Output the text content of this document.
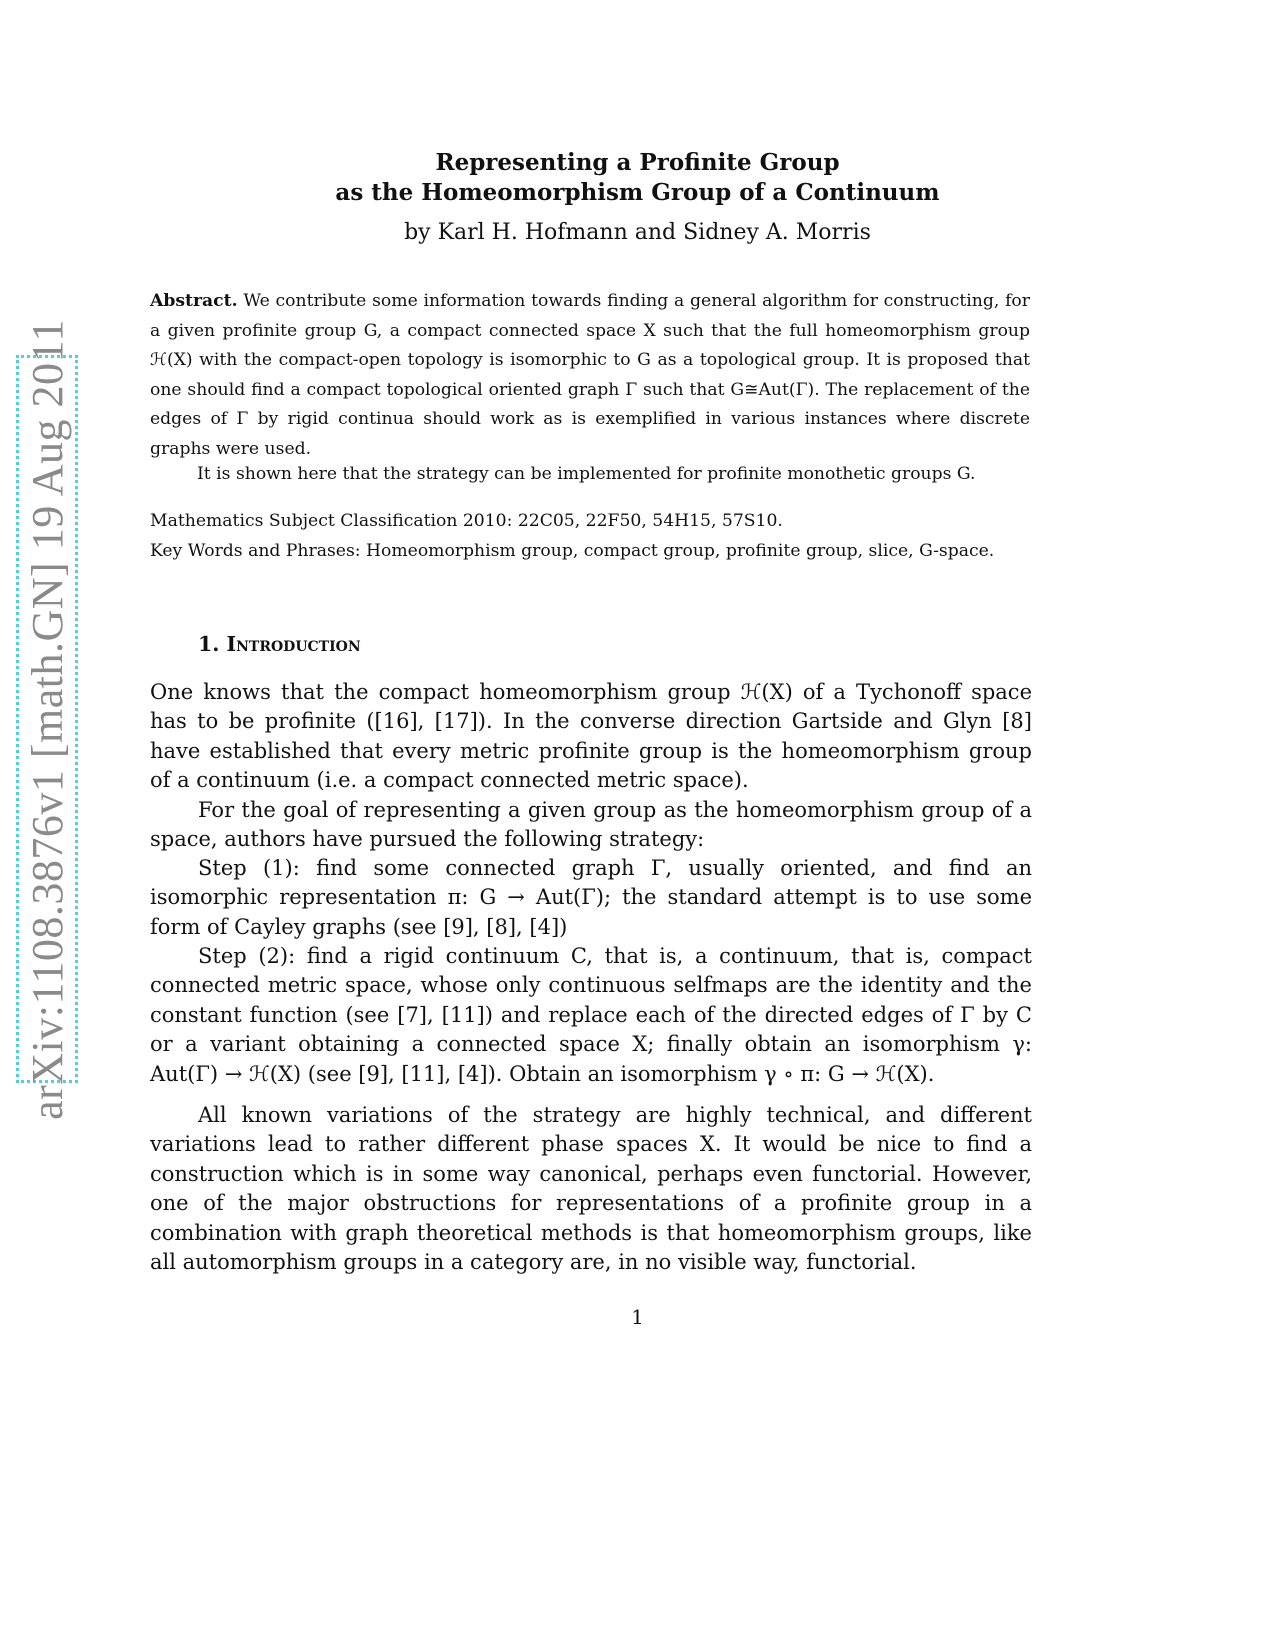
arXiv:1108.3876v1 [math.GN] 19 Aug 2011
Representing a Profinite Group
as the Homeomorphism Group of a Continuum
by Karl H. Hofmann and Sidney A. Morris

Abstract. We contribute some information towards finding a general algorithm for constructing, for a given profinite group G, a compact connected space X such that the full homeomorphism group ℋ(X) with the compact-open topology is isomorphic to G as a topological group. It is proposed that one should find a compact topological oriented graph Γ such that G≅Aut(Γ). The replacement of the edges of Γ by rigid continua should work as is exemplified in various instances where discrete graphs were used.

It is shown here that the strategy can be implemented for profinite monothetic groups G.

Mathematics Subject Classification 2010: 22C05, 22F50, 54H15, 57S10.

Key Words and Phrases: Homeomorphism group, compact group, profinite group, slice, G-space.

1. Introduction

One knows that the compact homeomorphism group ℋ(X) of a Tychonoff space has to be profinite ([16], [17]). In the converse direction Gartside and Glyn [8] have established that every metric profinite group is the homeomorphism group of a continuum (i.e. a compact connected metric space).

For the goal of representing a given group as the homeomorphism group of a space, authors have pursued the following strategy:

Step (1): find some connected graph Γ, usually oriented, and find an isomorphic representation π: G → Aut(Γ); the standard attempt is to use some form of Cayley graphs (see [9], [8], [4])

Step (2): find a rigid continuum C, that is, a continuum, that is, compact connected metric space, whose only continuous selfmaps are the identity and the constant function (see [7], [11]) and replace each of the directed edges of Γ by C or a variant obtaining a connected space X; finally obtain an isomorphism γ: Aut(Γ) → ℋ(X) (see [9], [11], [4]). Obtain an isomorphism γ ∘ π: G → ℋ(X).

All known variations of the strategy are highly technical, and different variations lead to rather different phase spaces X. It would be nice to find a construction which is in some way canonical, perhaps even functorial. However, one of the major obstructions for representations of a profinite group in a combination with graph theoretical methods is that homeomorphism groups, like all automorphism groups in a category are, in no visible way, functorial.

1
